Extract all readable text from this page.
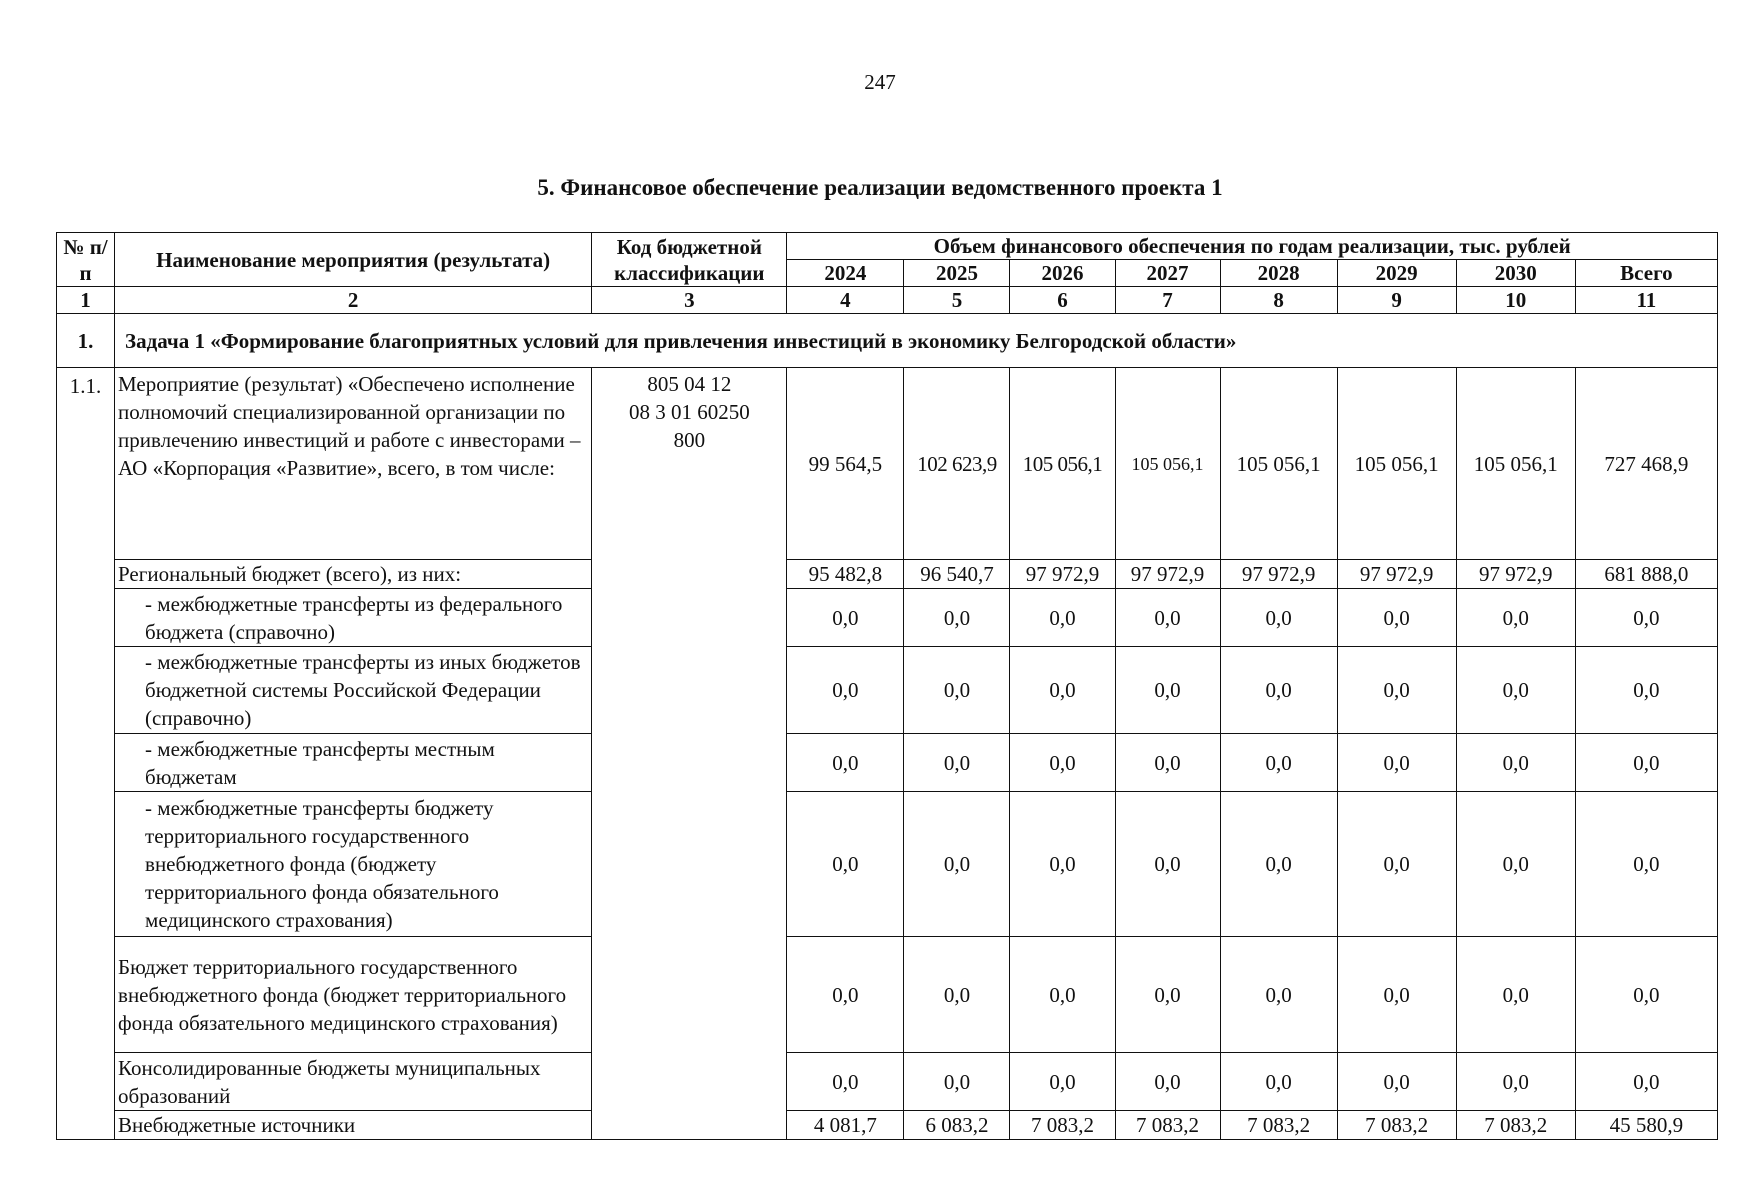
247
5. Финансовое обеспечение реализации ведомственного проекта 1
№ п/п	Наименование мероприятия (результата)	Код бюджетной классификации	Объем финансового обеспечения по годам реализации, тыс. рублей							
			2024	2025	2026	2027	2028	2029	2030	Всего
1	2	3	4	5	6	7	8	9	10	11
1.	Задача 1 «Формирование благоприятных условий для привлечения инвестиций в экономику Белгородской области»									
1.1.	Мероприятие (результат) «Обеспечено исполнение полномочий специализированной организации по привлечению инвестиций и работе с инвесторами – АО «Корпорация «Развитие», всего, в том числе:	805 04 12
08 3 01 60250
800	99 564,5	102 623,9	105 056,1	105 056,1	105 056,1	105 056,1	105 056,1	727 468,9
	Региональный бюджет (всего), из них:		95 482,8	96 540,7	97 972,9	97 972,9	97 972,9	97 972,9	97 972,9	681 888,0
	- межбюджетные трансферты из федерального бюджета (справочно)		0,0	0,0	0,0	0,0	0,0	0,0	0,0	0,0
	- межбюджетные трансферты из иных бюджетов бюджетной системы Российской Федерации (справочно)		0,0	0,0	0,0	0,0	0,0	0,0	0,0	0,0
	- межбюджетные трансферты местным бюджетам		0,0	0,0	0,0	0,0	0,0	0,0	0,0	0,0
	- межбюджетные трансферты бюджету территориального государственного внебюджетного фонда (бюджету территориального фонда обязательного медицинского страхования)		0,0	0,0	0,0	0,0	0,0	0,0	0,0	0,0
	Бюджет территориального государственного внебюджетного фонда (бюджет территориального фонда обязательного медицинского страхования)		0,0	0,0	0,0	0,0	0,0	0,0	0,0	0,0
	Консолидированные бюджеты муниципальных образований		0,0	0,0	0,0	0,0	0,0	0,0	0,0	0,0
	Внебюджетные источники		4 081,7	6 083,2	7 083,2	7 083,2	7 083,2	7 083,2	7 083,2	45 580,9
